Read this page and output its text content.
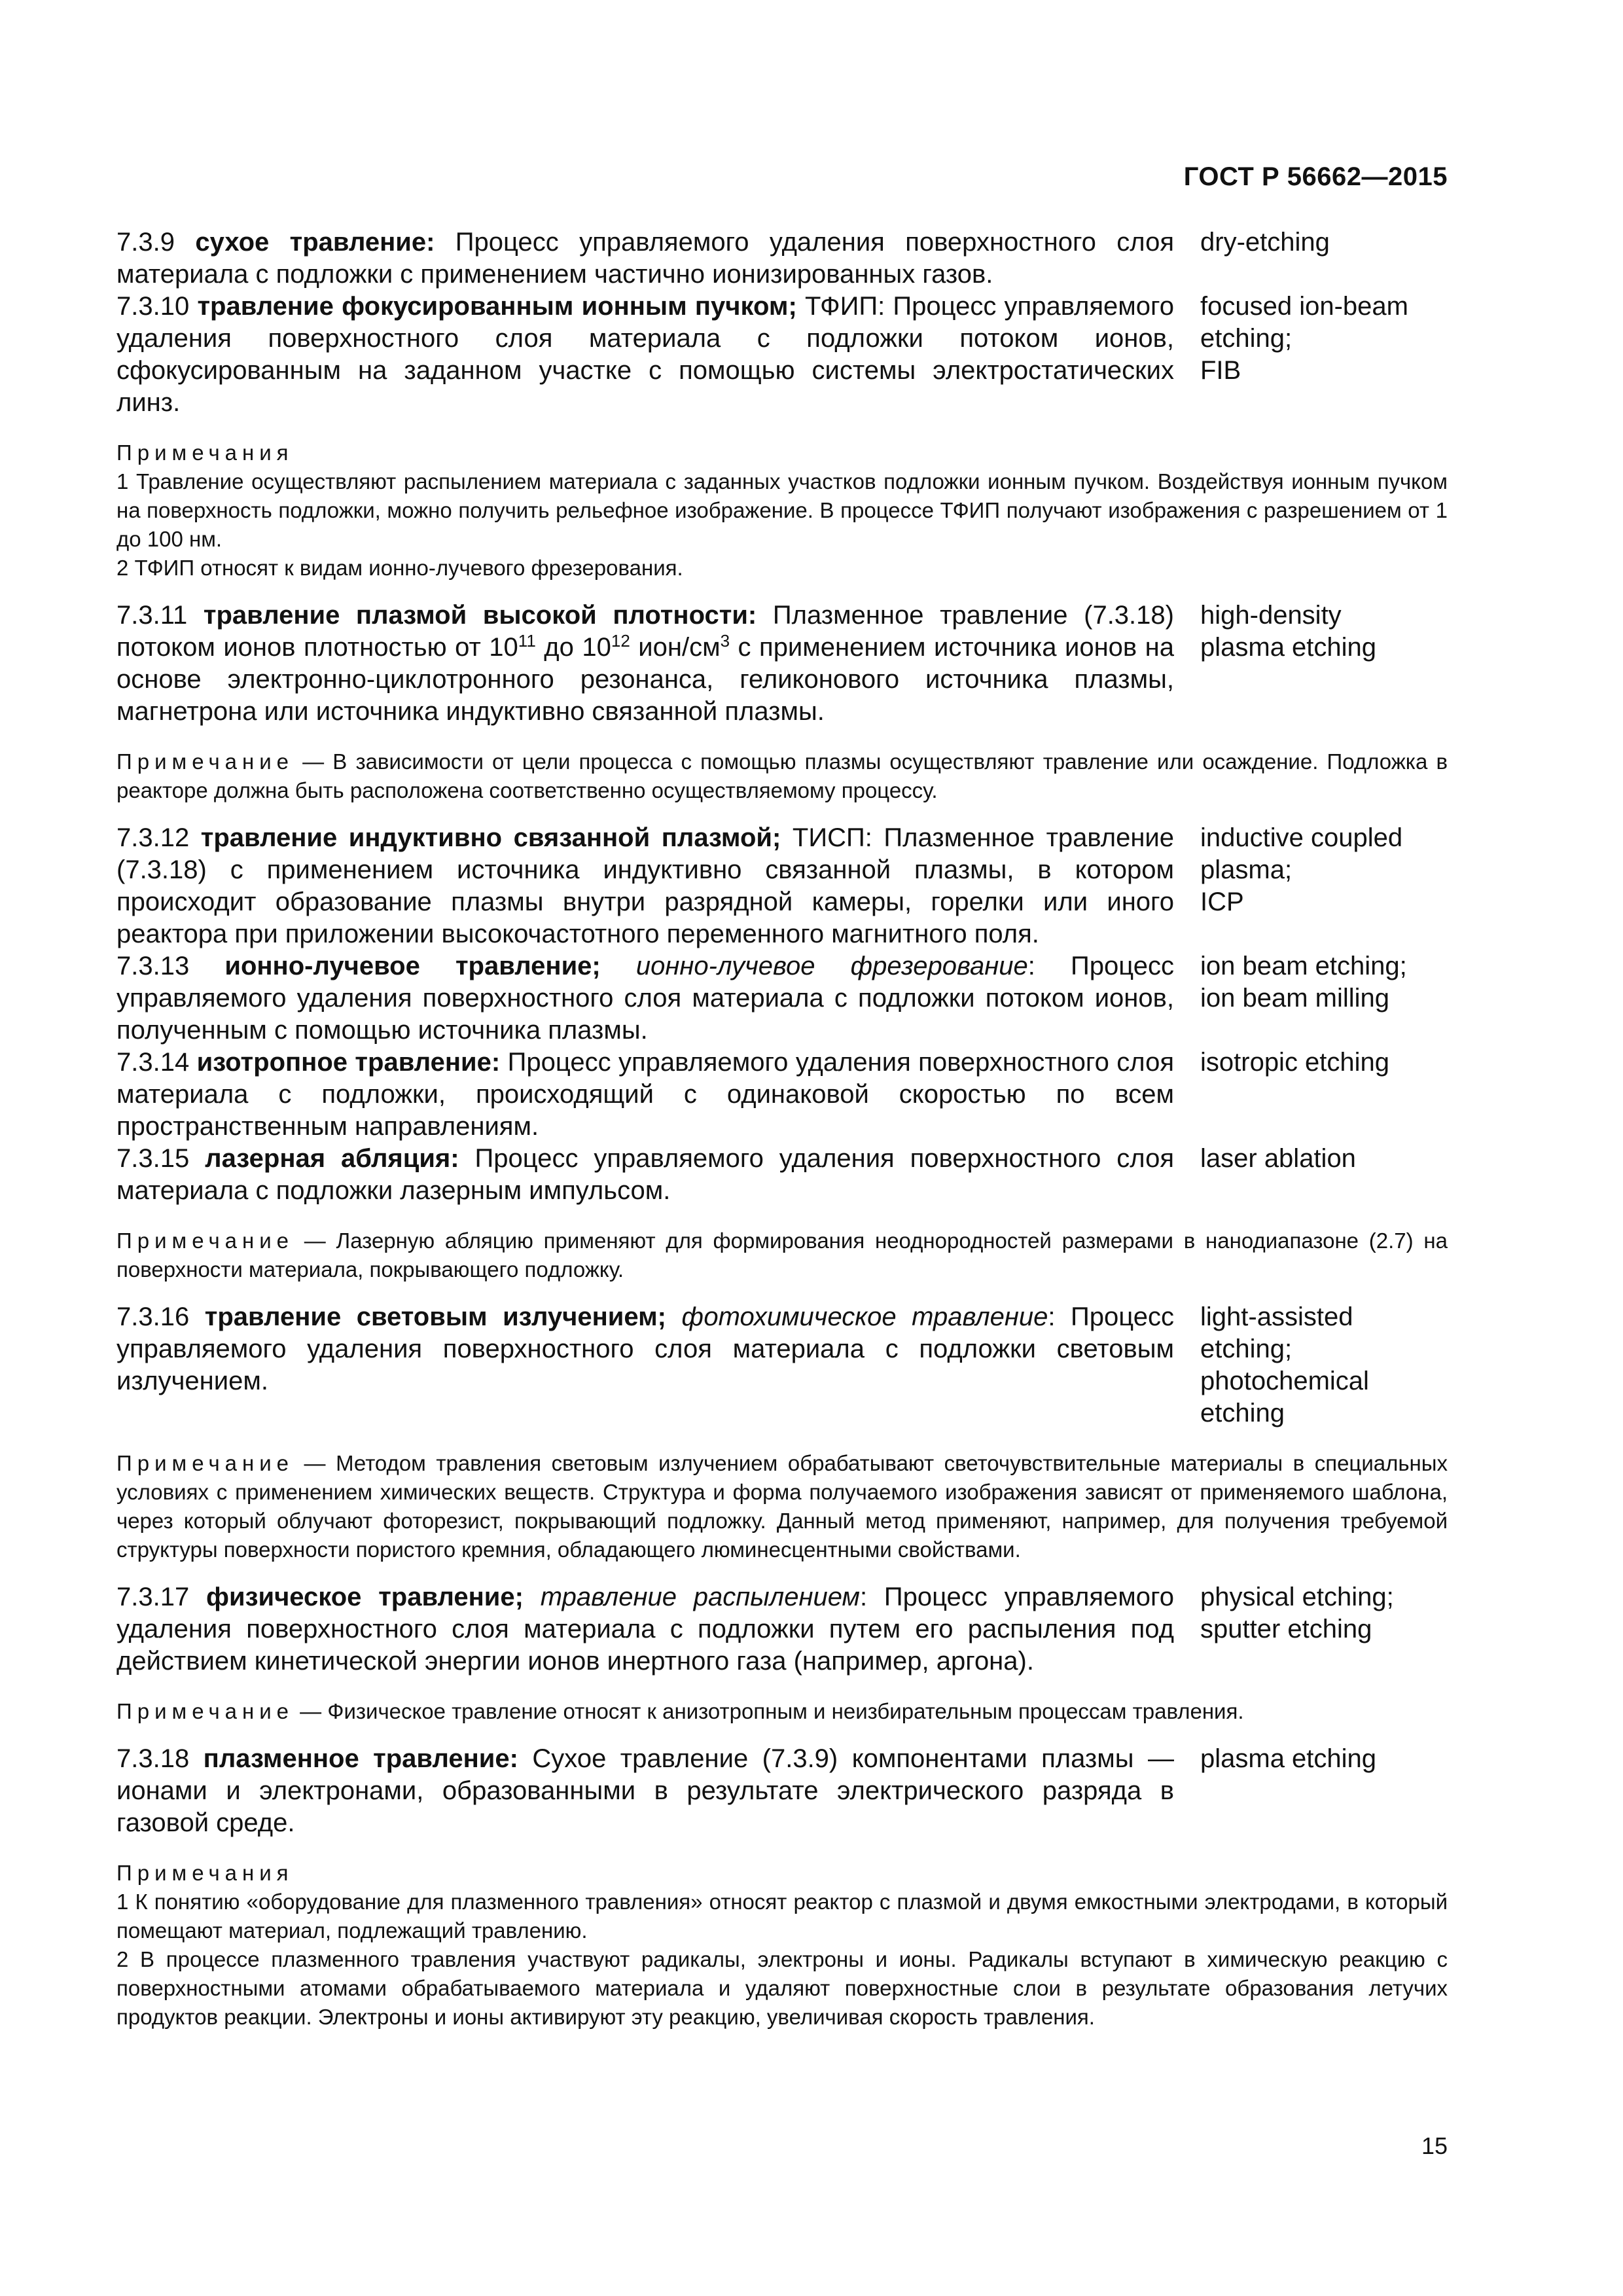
ГОСТ Р 56662—2015
7.3.9 сухое травление: Процесс управляемого удаления поверхностного слоя материала с подложки с применением частично ионизированных газов.
dry-etching
7.3.10 травление фокусированным ионным пучком; ТФИП: Процесс управляемого удаления поверхностного слоя материала с подложки потоком ионов, сфокусированным на заданном участке с помощью системы электростатических линз.
focused ion-beam
etching;
FIB
Примечания
1 Травление осуществляют распылением материала с заданных участков подложки ионным пучком. Воздействуя ионным пучком на поверхность подложки, можно получить рельефное изображение. В процессе ТФИП получают изображения с разрешением от 1 до 100 нм.
2 ТФИП относят к видам ионно-лучевого фрезерования.
7.3.11 травление плазмой высокой плотности: Плазменное травление (7.3.18) потоком ионов плотностью от $10^{11}$ до $10^{12}$ ион/$см^3$ с применением источника ионов на основе электронно-циклотронного резонанса, геликонового источника плазмы, магнетрона или источника индуктивно связанной плазмы.
high-density
plasma etching
Примечание — В зависимости от цели процесса с помощью плазмы осуществляют травление или осаждение. Подложка в реакторе должна быть расположена соответственно осуществляемому процессу.
7.3.12 травление индуктивно связанной плазмой; ТИСП: Плазменное травление (7.3.18) с применением источника индуктивно связанной плазмы, в котором происходит образование плазмы внутри разрядной камеры, горелки или иного реактора при приложении высокочастотного переменного магнитного поля.
inductive coupled
plasma;
ICP
7.3.13 ионно-лучевое травление; ионно-лучевое фрезерование: Процесс управляемого удаления поверхностного слоя материала с подложки потоком ионов, полученным с помощью источника плазмы.
ion beam etching;
ion beam milling
7.3.14 изотропное травление: Процесс управляемого удаления поверхностного слоя материала с подложки, происходящий с одинаковой скоростью по всем пространственным направлениям.
isotropic etching
7.3.15 лазерная абляция: Процесс управляемого удаления поверхностного слоя материала с подложки лазерным импульсом.
laser ablation
Примечание — Лазерную абляцию применяют для формирования неоднородностей размерами в нанодиапазоне (2.7) на поверхности материала, покрывающего подложку.
7.3.16 травление световым излучением; фотохимическое травление: Процесс управляемого удаления поверхностного слоя материала с подложки световым излучением.
light-assisted
etching;
photochemical
etching
Примечание — Методом травления световым излучением обрабатывают светочувствительные материалы в специальных условиях с применением химических веществ. Структура и форма получаемого изображения зависят от применяемого шаблона, через который облучают фоторезист, покрывающий подложку. Данный метод применяют, например, для получения требуемой структуры поверхности пористого кремния, обладающего люминесцентными свойствами.
7.3.17 физическое травление; травление распылением: Процесс управляемого удаления поверхностного слоя материала с подложки путем его распыления под действием кинетической энергии ионов инертного газа (например, аргона).
physical etching;
sputter etching
Примечание — Физическое травление относят к анизотропным и неизбирательным процессам травления.
7.3.18 плазменное травление: Сухое травление (7.3.9) компонентами плазмы — ионами и электронами, образованными в результате электрического разряда в газовой среде.
plasma etching
Примечания
1 К понятию «оборудование для плазменного травления» относят реактор с плазмой и двумя емкостными электродами, в который помещают материал, подлежащий травлению.
2 В процессе плазменного травления участвуют радикалы, электроны и ионы. Радикалы вступают в химическую реакцию с поверхностными атомами обрабатываемого материала и удаляют поверхностные слои в результате образования летучих продуктов реакции. Электроны и ионы активируют эту реакцию, увеличивая скорость травления.
15
